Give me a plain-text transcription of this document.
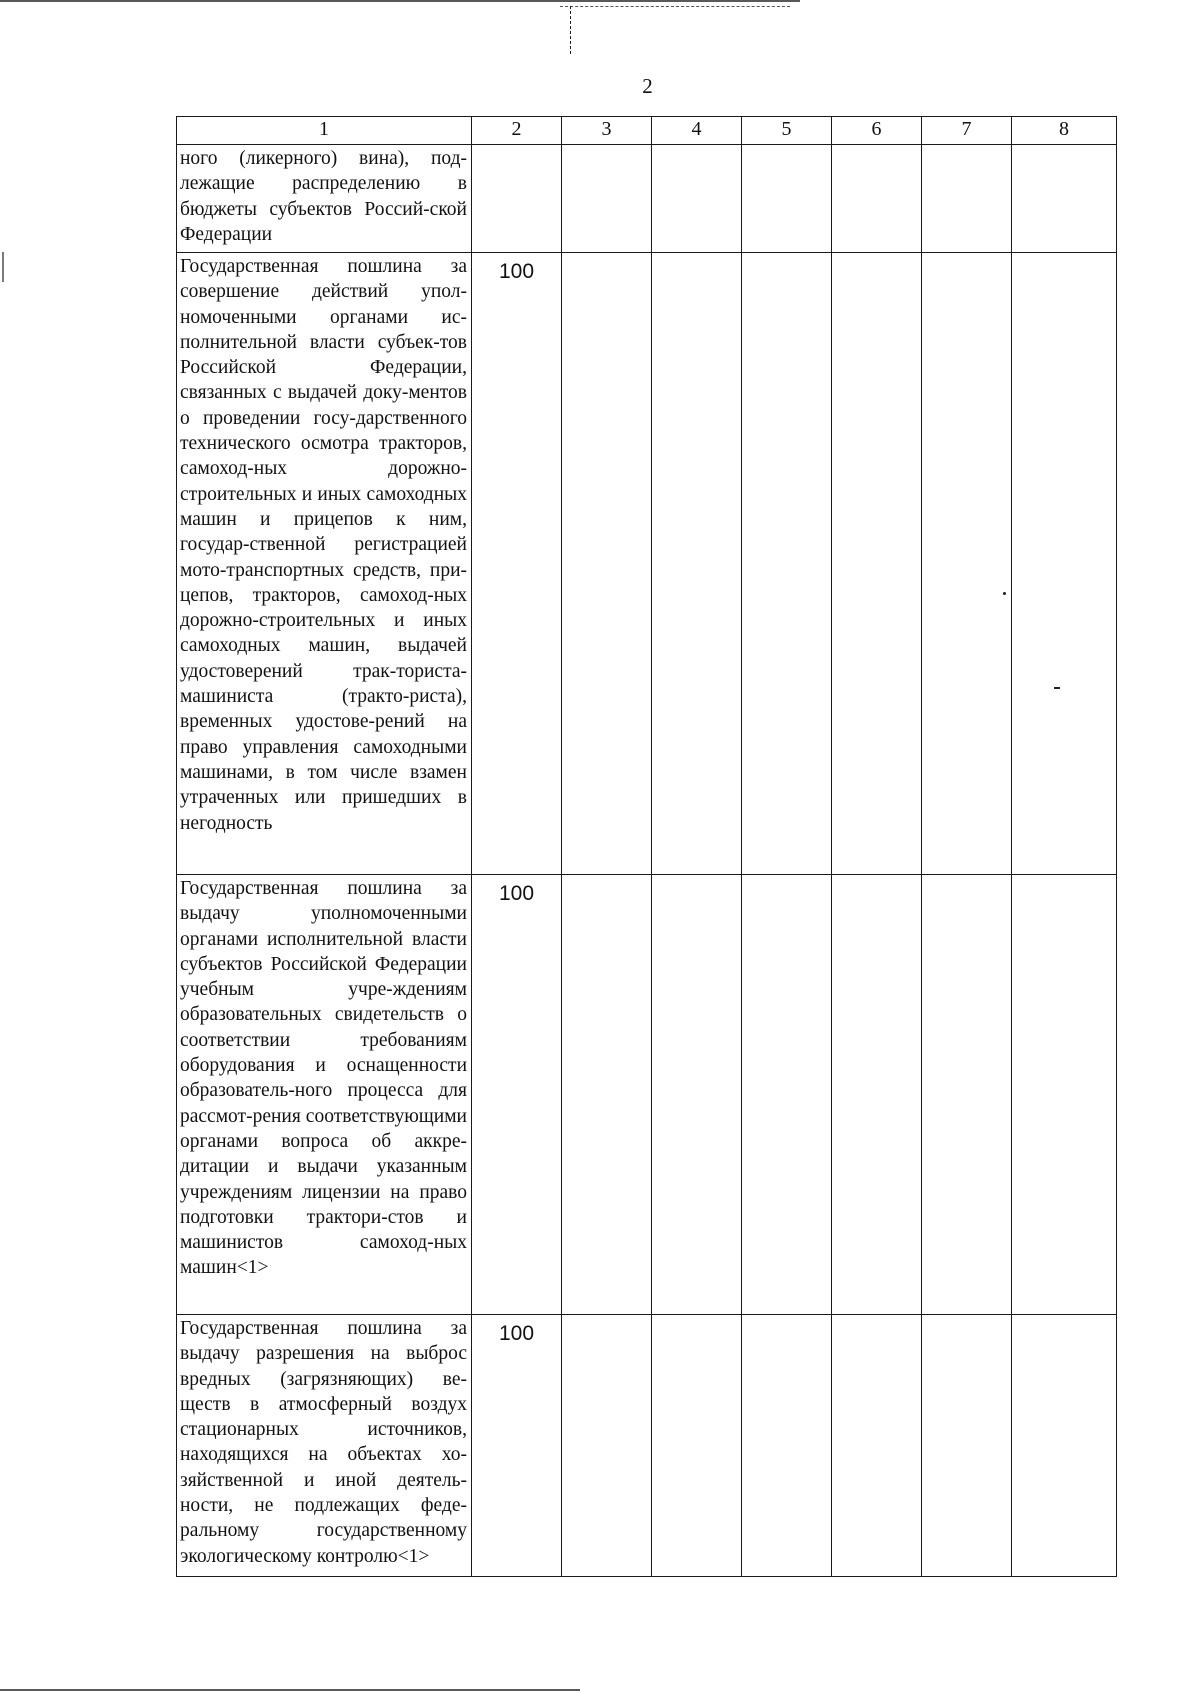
2
1	2	3	4	5	6	7	8
ного (ликерного) вина), под-лежащие распределению в бюджеты субъектов Россий-ской Федерации							
Государственная пошлина за совершение действий упол-номоченными органами ис-полнительной власти субъек-тов Российской Федерации, связанных с выдачей доку-ментов о проведении госу-дарственного технического осмотра тракторов, самоход-ных дорожно-строительных и иных самоходных машин и прицепов к ним, государ-ственной регистрацией мото-транспортных средств, при-цепов, тракторов, самоход-ных дорожно-строительных и иных самоходных машин, выдачей удостоверений трак-ториста-машиниста (тракто-риста), временных удостове-рений на право управления самоходными машинами, в том числе взамен утраченных или пришедших в негодность	100						
Государственная пошлина за выдачу уполномоченными органами исполнительной власти субъектов Российской Федерации учебным учре-ждениям образовательных свидетельств о соответствии требованиям оборудования и оснащенности образователь-ного процесса для рассмот-рения соответствующими органами вопроса об аккре-дитации и выдачи указанным учреждениям лицензии на право подготовки трактори-стов и машинистов самоход-ных машин<1>	100						
Государственная пошлина за выдачу разрешения на выброс вредных (загрязняющих) ве-ществ в атмосферный воздух стационарных источников, находящихся на объектах хо-зяйственной и иной деятель-ности, не подлежащих феде-ральному государственному экологическому контролю<1>	100						
